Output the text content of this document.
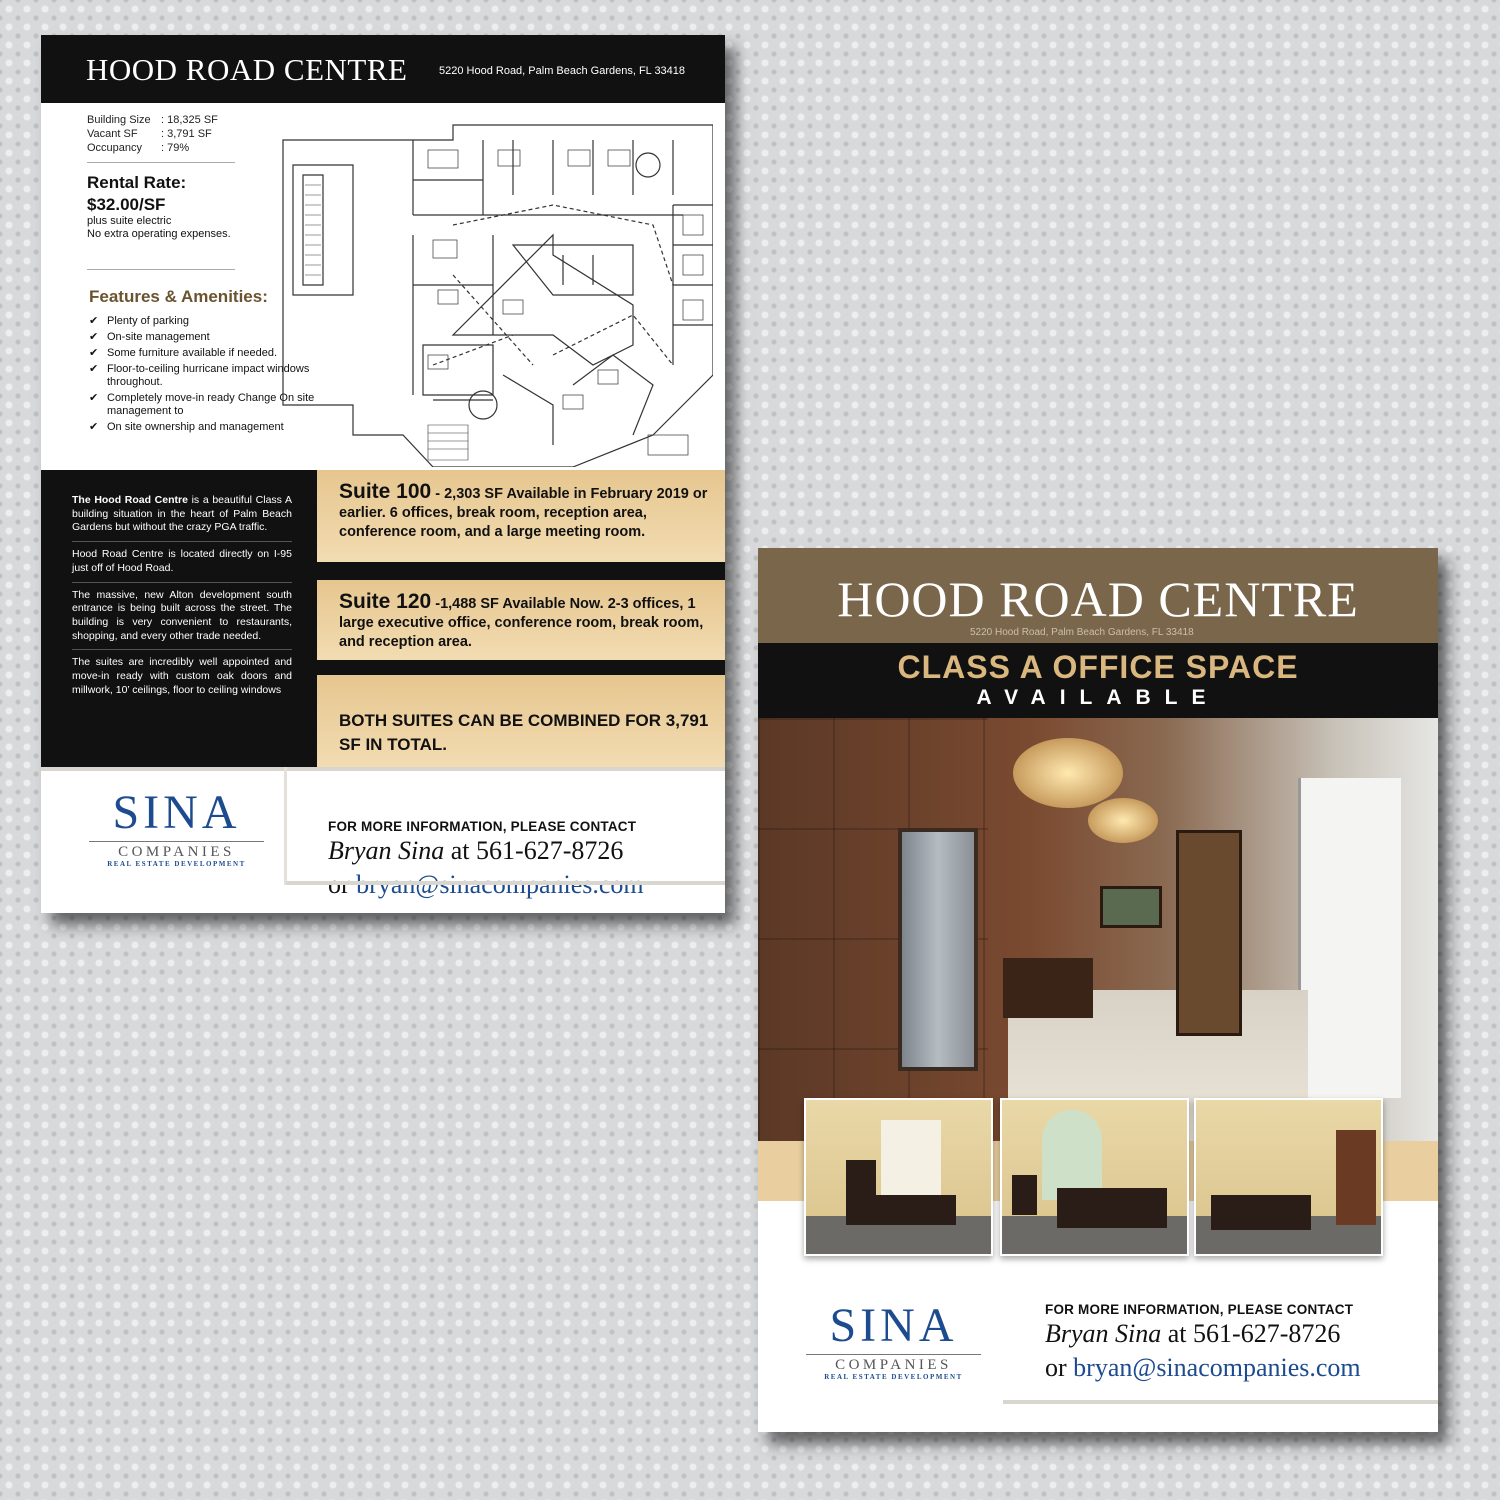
HOOD ROAD CENTRE	5220 Hood Road, Palm Beach Gardens, FL 33418
Building Size : 18,325 SF
Vacant SF : 3,791 SF
Occupancy : 79%
Rental Rate:
$32.00/SF
plus suite electric
No extra operating expenses.
Features & Amenities:
✔ Plenty of parking
✔ On-site management
✔ Some furniture available if needed.
✔ Floor-to-ceiling hurricane impact windows throughout.
✔ Completely move-in ready Change On site management to
✔ On site ownership and management

The Hood Road Centre is a beautiful Class A building situation in the heart of Palm Beach Gardens but without the crazy PGA traffic.

Hood Road Centre is located directly on I-95 just off of Hood Road.

The massive, new Alton development south entrance is being built across the street. The building is very convenient to restaurants, shopping, and every other trade needed.

The suites are incredibly well appointed and move-in ready with custom oak doors and millwork, 10’ ceilings, floor to ceiling windows

Suite 100 - 2,303 SF Available in February 2019 or earlier. 6 offices, break room, reception area, conference room, and a large meeting room.
Suite 120 -1,488 SF Available Now. 2-3 offices, 1 large executive office, conference room, break room, and reception area.
BOTH SUITES CAN BE COMBINED FOR 3,791 SF IN TOTAL.
SINA
COMPANIES
REAL ESTATE DEVELOPMENT
FOR MORE INFORMATION, PLEASE CONTACT
Bryan Sina at 561-627-8726
HOOD ROAD CENTRE
5220 Hood Road, Palm Beach Gardens, FL 33418
CLASS A OFFICE SPACE
AVAILABLE
SINA
COMPANIES
REAL ESTATE DEVELOPMENT
FOR MORE INFORMATION, PLEASE CONTACT
Bryan Sina at 561-627-8726
or bryan@sinacompanies.com
